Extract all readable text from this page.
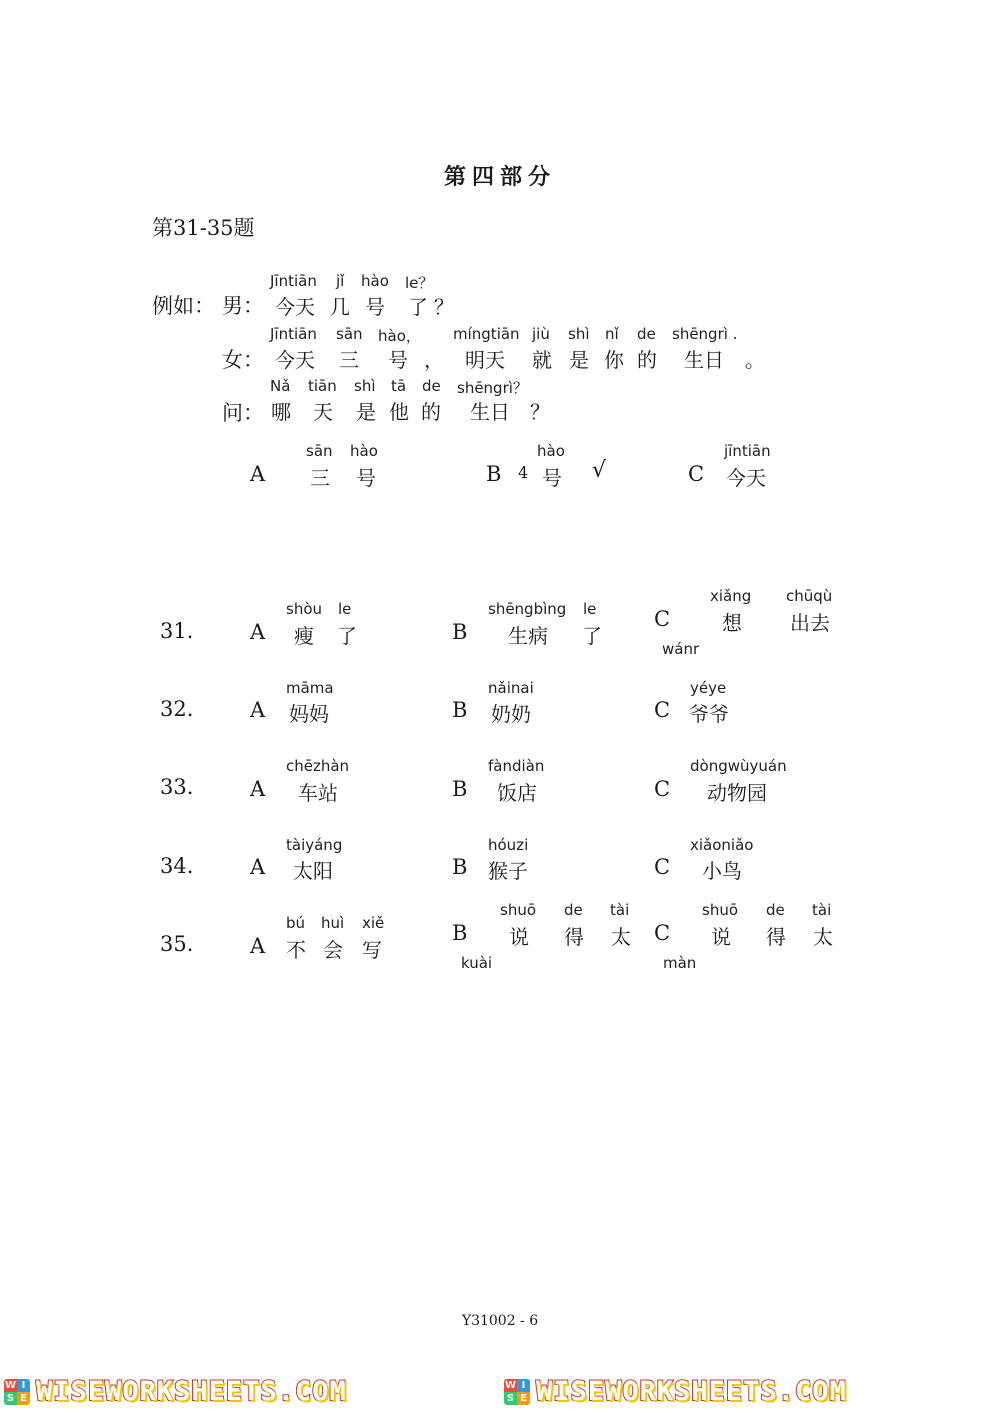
第四部分
第31-35题
例如： 男：
Jīntiān jǐ hào le？
今天 几 号 了 ？
女：
Jīntiān sān hào， míngtiān jiù shì nǐ de shēngrì .
今天 三 号 ， 明天 就 是 你 的 生日 。
问：
Nǎ tiān shì tā de shēngrì？
哪 天 是 他 的 生日 ？
A
sān hào
三 号	B
hào
4 号 √	C
jīntiān
今天
31.	A
shòu le
瘦 了	B
shēngbìng le
生病 了
C
xiǎng chūqù
想 出去
wánr
32.	A
māma
妈妈	B
nǎinai
奶奶	C
yéye
爷爷
33.	A
chēzhàn
车站	B
fàndiàn
饭店	C
dòngwùyuán
动物园
34.	A
tàiyáng
太阳	B
hóuzi
猴子	C
xiǎoniǎo
小鸟
35.	A
bú huì xiě
不 会 写
B
shuō de tài
说 得 太
kuài
C
shuō de tài
说 得 太
màn
Y31002 - 6
W I
S E WISEWORKSHEETS.COM	W I
S E WISEWORKSHEETS.COM
